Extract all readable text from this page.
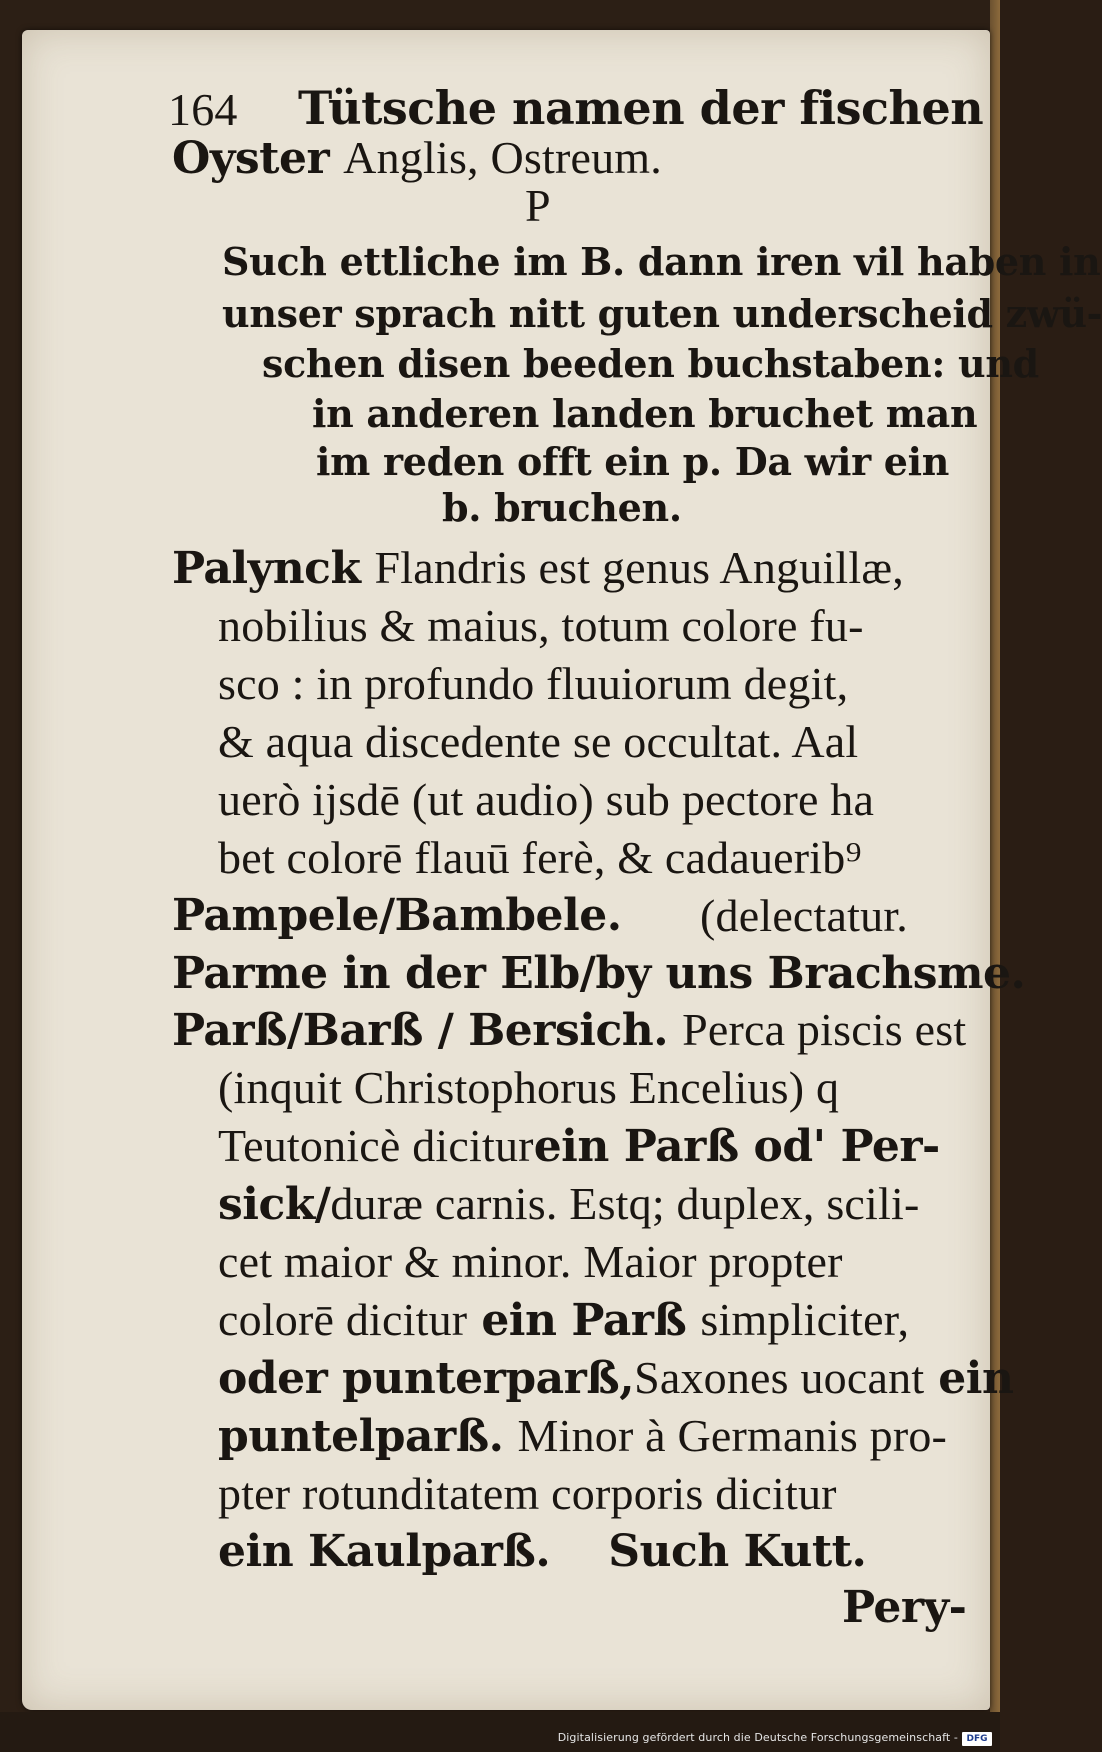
164 Tütsche namen der fischen
Oyster Anglis, Ostreum.
P
Such ettliche im B. dann iren vil haben in
unser sprach nitt guten underscheid zwü-
schen disen beeden buchstaben: und
in anderen landen bruchet man
im reden offt ein p. Da wir ein
b. bruchen.
Palynck Flandris est genus Anguillæ,
nobilius & maius, totum colore fu-
sco : in profundo fluuiorum degit,
& aqua discedente se occultat. Aal
uerò ijsdē (ut audio) sub pectore ha
bet colorē flauū ferè, & cadauerib⁹
Pampele/Bambele. (delectatur.
Parme in der Elb/by uns Brachsme.
Parß/Barß / Bersich. Perca piscis est
(inquit Christophorus Encelius) q
Teutonicè diciturein Parß od' Per-
sick/duræ carnis. Estq; duplex, scili-
cet maior & minor. Maior propter
colorē dicitur ein Parß simpliciter,
oder punterparß,Saxones uocant ein
puntelparß. Minor à Germanis pro-
pter rotunditatem corporis dicitur
ein Kaulparß. Such Kutt.
Pery-
Digitalisierung gefördert durch die Deutsche Forschungsgemeinschaft - DFG
